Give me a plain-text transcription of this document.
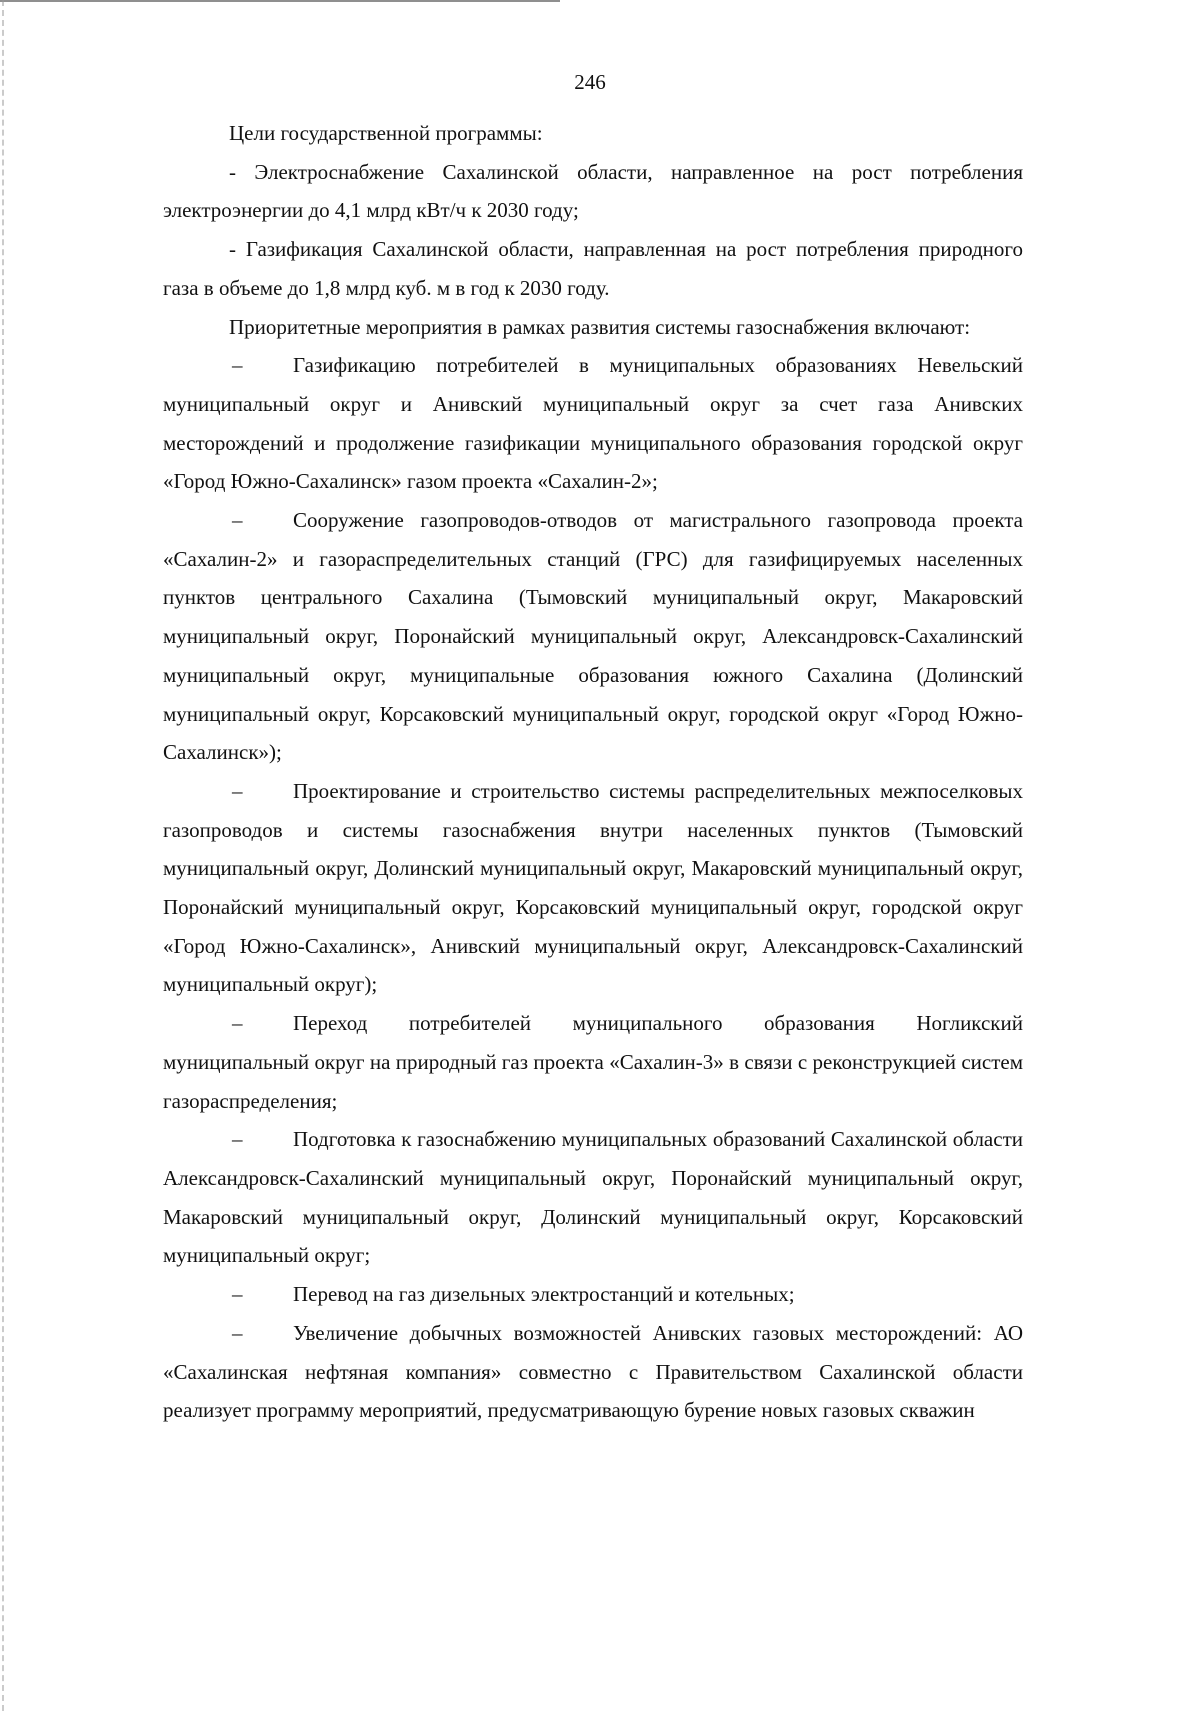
246

Цели государственной программы:

- Электроснабжение Сахалинской области, направленное на рост потребления электроэнергии до 4,1 млрд кВт/ч к 2030 году;

- Газификация Сахалинской области, направленная на рост потребления природного газа в объеме до 1,8 млрд куб. м в год к 2030 году.

Приоритетные мероприятия в рамках развития системы газоснабжения включают:

– Газификацию потребителей в муниципальных образованиях Невельский муниципальный округ и Анивский муниципальный округ за счет газа Анивских месторождений и продолжение газификации муниципального образования городской округ «Город Южно-Сахалинск» газом проекта «Сахалин-2»;

– Сооружение газопроводов-отводов от магистрального газопровода проекта «Сахалин-2» и газораспределительных станций (ГРС) для газифицируемых населенных пунктов центрального Сахалина (Тымовский муниципальный округ, Макаровский муниципальный округ, Поронайский муниципальный округ, Александровск-Сахалинский муниципальный округ, муниципальные образования южного Сахалина (Долинский муниципальный округ, Корсаковский муниципальный округ, городской округ «Город Южно-Сахалинск»);

– Проектирование и строительство системы распределительных межпоселковых газопроводов и системы газоснабжения внутри населенных пунктов (Тымовский муниципальный округ, Долинский муниципальный округ, Макаровский муниципальный округ, Поронайский муниципальный округ, Корсаковский муниципальный округ, городской округ «Город Южно-Сахалинск», Анивский муниципальный округ, Александровск-Сахалинский муниципальный округ);

– Переход потребителей муниципального образования Ногликский муниципальный округ на природный газ проекта «Сахалин-3» в связи с реконструкцией систем газораспределения;

– Подготовка к газоснабжению муниципальных образований Сахалинской области Александровск-Сахалинский муниципальный округ, Поронайский муниципальный округ, Макаровский муниципальный округ, Долинский муниципальный округ, Корсаковский муниципальный округ;

– Перевод на газ дизельных электростанций и котельных;

– Увеличение добычных возможностей Анивских газовых месторождений: АО «Сахалинская нефтяная компания» совместно с Правительством Сахалинской области реализует программу мероприятий, предусматривающую бурение новых газовых скважин
